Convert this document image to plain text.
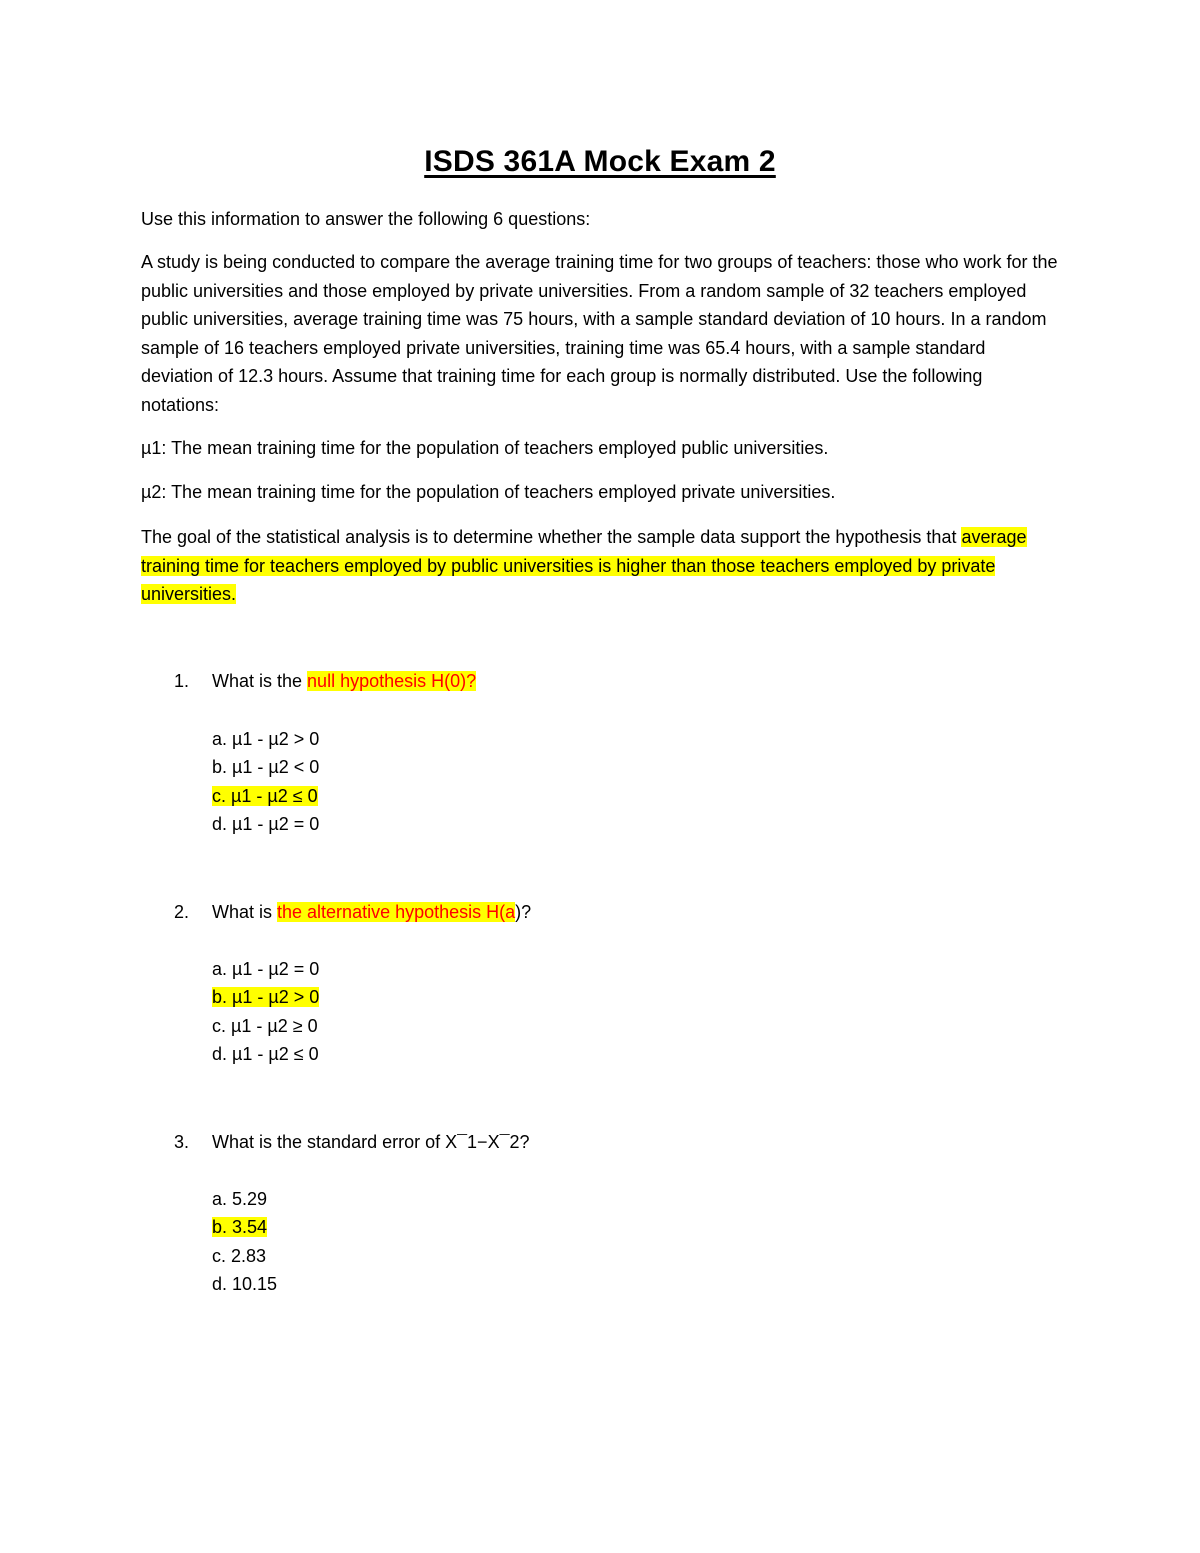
ISDS 361A Mock Exam 2
Use this information to answer the following 6 questions:
A study is being conducted to compare the average training time for two groups of teachers: those who work for the public universities and those employed by private universities. From a random sample of 32 teachers employed public universities, average training time was 75 hours, with a sample standard deviation of 10 hours. In a random sample of 16 teachers employed private universities, training time was 65.4 hours, with a sample standard deviation of 12.3 hours. Assume that training time for each group is normally distributed. Use the following notations:
µ1: The mean training time for the population of teachers employed public universities.
µ2: The mean training time for the population of teachers employed private universities.
The goal of the statistical analysis is to determine whether the sample data support the hypothesis that average training time for teachers employed by public universities is higher than those teachers employed by private universities.
1. What is the null hypothesis H(0)?
a. µ1 - µ2 > 0
b. µ1 - µ2 < 0
c. µ1 - µ2 ≤ 0
d. µ1 - µ2 = 0
2. What is the alternative hypothesis H(a)?
a. µ1 - µ2 = 0
b. µ1 - µ2 > 0
c. µ1 - µ2 ≥ 0
d. µ1 - µ2 ≤ 0
3. What is the standard error of X¯1−X¯2?
a. 5.29
b. 3.54
c. 2.83
d. 10.15
